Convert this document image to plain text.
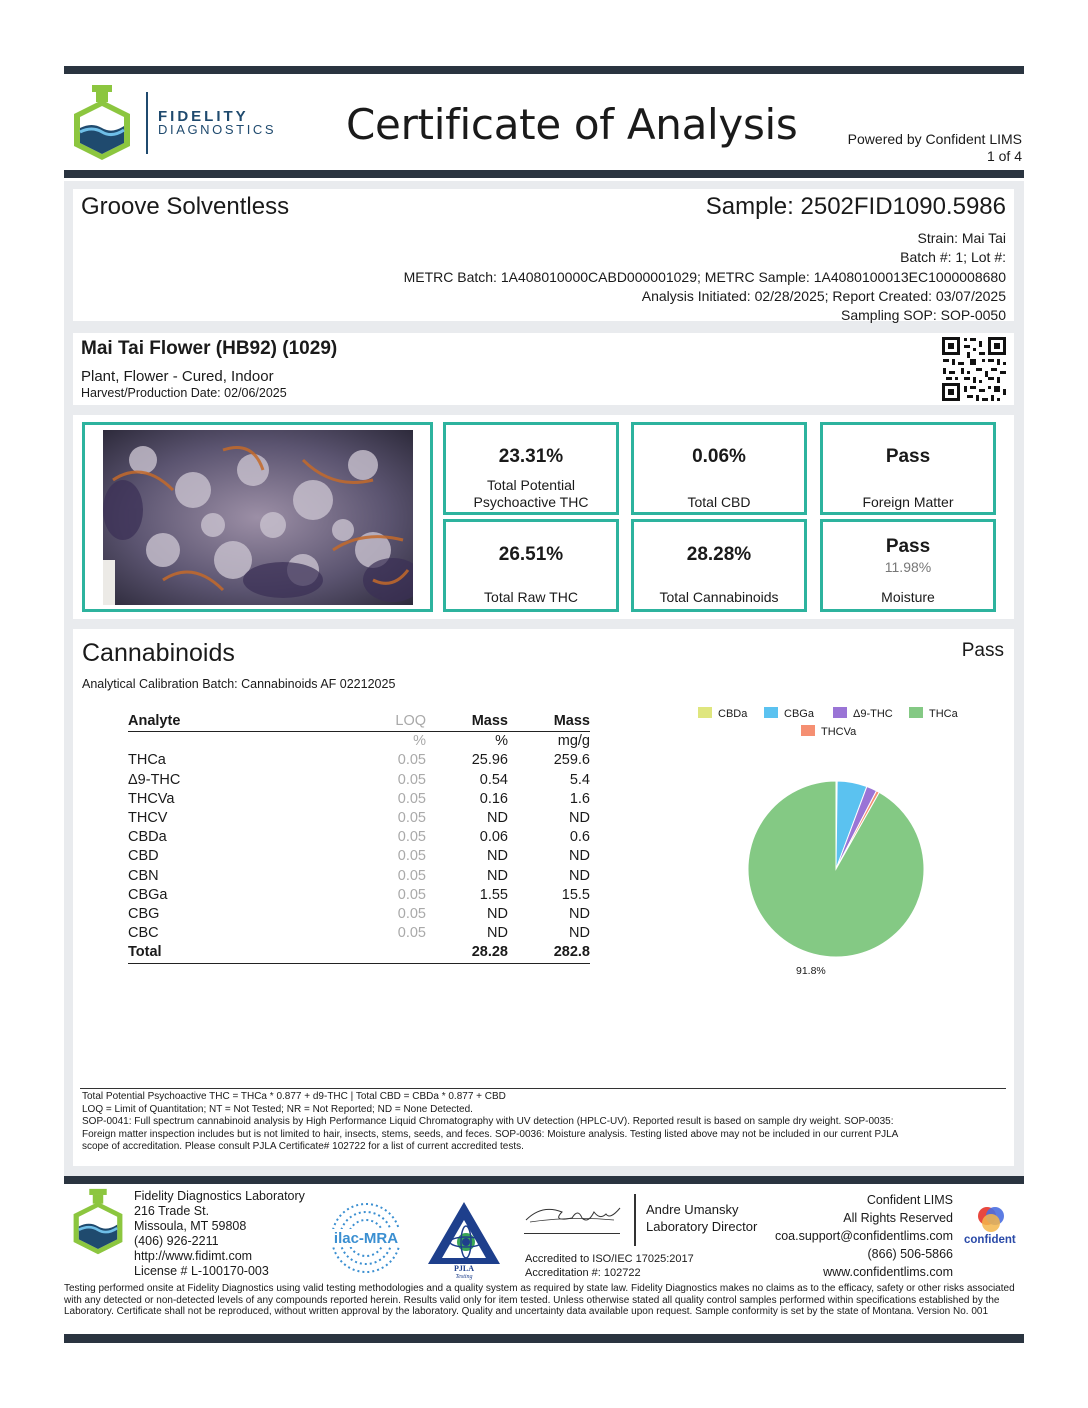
FIDELITY
DIAGNOSTICS Certificate of Analysis	Powered by Confident LIMS
1 of 4
Groove Solventless	Sample: 2502FID1090.5986
Strain: Mai Tai
Batch #: 1; Lot #:
METRC Batch: 1A408010000CABD000001029; METRC Sample: 1A4080100013EC1000008680
Analysis Initiated: 02/28/2025; Report Created: 03/07/2025
Sampling SOP: SOP-0050
Mai Tai Flower (HB92) (1029)
Plant, Flower - Cured, Indoor
Harvest/Production Date: 02/06/2025
23.31%
Total Potential
Psychoactive THC
0.06%
Total CBD
Pass
Foreign Matter
26.51%
Total Raw THC
28.28%
Total Cannabinoids
Pass
11.98%
Moisture
Cannabinoids	Pass
Analytical Calibration Batch: Cannabinoids AF 02212025
Analyte	LOQ	Mass	Mass
	%	%	mg/g
THCa	0.05	25.96	259.6
Δ9-THC	0.05	0.54	5.4
THCVa	0.05	0.16	1.6
THCV	0.05	ND	ND
CBDa	0.05	0.06	0.6
CBD	0.05	ND	ND
CBN	0.05	ND	ND
CBGa	0.05	1.55	15.5
CBG	0.05	ND	ND
CBC	0.05	ND	ND
Total		28.28	282.8
CBDa	CBGa	Δ9-THC	THCa
THCVa
91.8%
Total Potential Psychoactive THC = THCa * 0.877 + d9-THC | Total CBD = CBDa * 0.877 + CBD
LOQ = Limit of Quantitation; NT = Not Tested; NR = Not Reported; ND = None Detected.
SOP-0041: Full spectrum cannabinoid analysis by High Performance Liquid Chromatography with UV detection (HPLC-UV). Reported result is based on sample dry weight. SOP-0035:
Foreign matter inspection includes but is not limited to hair, insects, stems, seeds, and feces. SOP-0036: Moisture analysis. Testing listed above may not be included in our current PJLA
scope of accreditation. Please consult PJLA Certificate# 102722 for a list of current accredited tests.
Fidelity Diagnostics Laboratory
216 Trade St.
Missoula, MT 59808
(406) 926-2211
http://www.fidimt.com
License # L-100170-003
ilac-MRA
PJLA
Testing
Andre Umansky
Laboratory Director
Accredited to ISO/IEC 17025:2017
Accreditation #: 102722
Confident LIMS
All Rights Reserved
coa.support@confidentlims.com
(866) 506-5866
www.confidentlims.com
confident
Testing performed onsite at Fidelity Diagnostics using valid testing methodologies and a quality system as required by state law. Fidelity Diagnostics makes no claims as to the efficacy, safety or other risks associated with any detected or non-detected levels of any compounds reported herein. Results valid only for item tested. Unless otherwise stated all quality control samples performed within specifications established by the Laboratory. Certificate shall not be reproduced, without written approval by the laboratory. Quality and uncertainty data available upon request. Sample conformity is set by the state of Montana. Version No. 001
